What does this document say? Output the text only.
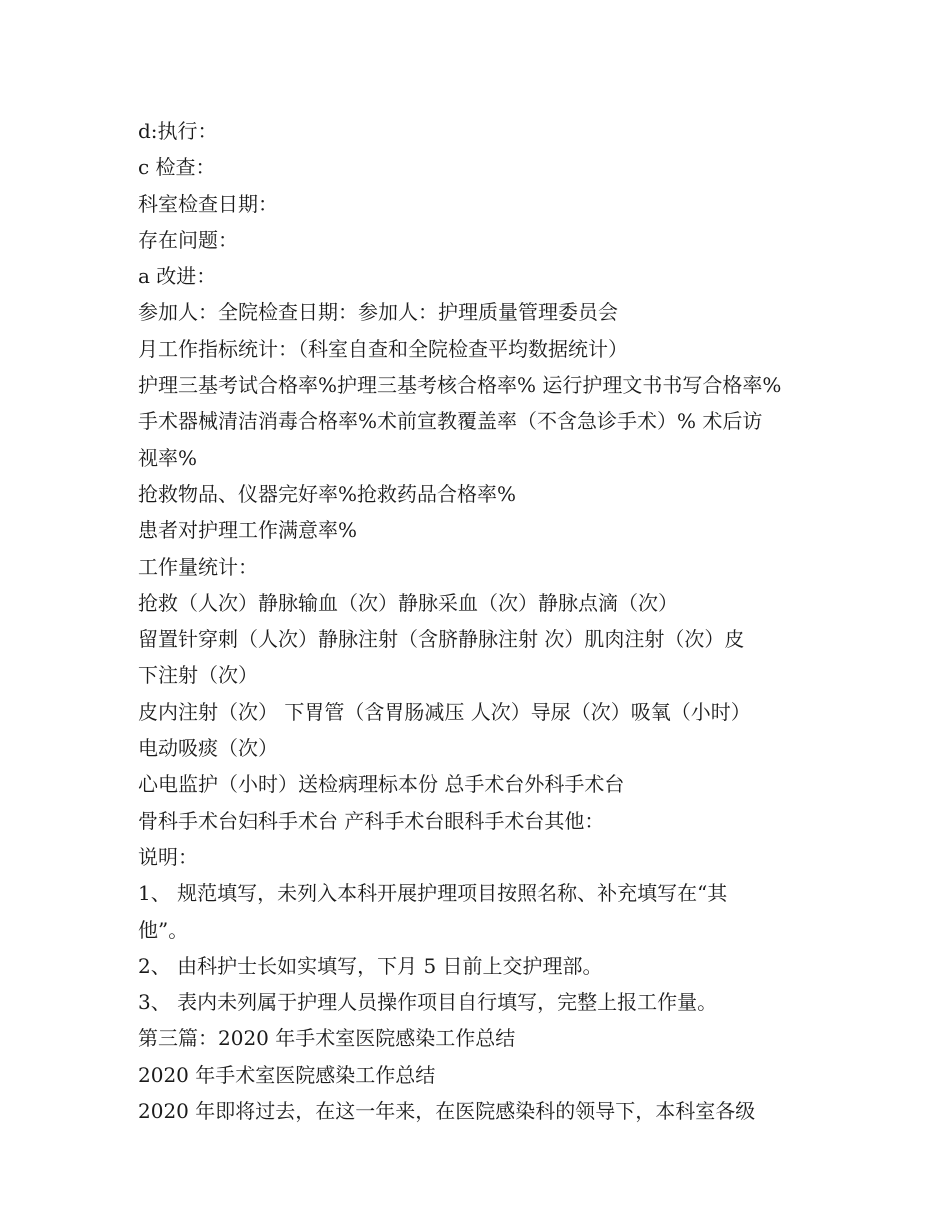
d:执行：
c 检查：
科室检查日期：
存在问题：
a 改进：
参加人：全院检查日期：参加人：护理质量管理委员会
月工作指标统计：（科室自查和全院检查平均数据统计）
护理三基考试合格率%护理三基考核合格率% 运行护理文书书写合格率%
手术器械清洁消毒合格率%术前宣教覆盖率（不含急诊手术）% 术后访
视率%
抢救物品、仪器完好率%抢救药品合格率%
患者对护理工作满意率%
工作量统计：
抢救（人次）静脉输血（次）静脉采血（次）静脉点滴（次）
留置针穿刺（人次）静脉注射（含脐静脉注射 次）肌肉注射（次）皮
下注射（次）
皮内注射（次） 下胃管（含胃肠减压 人次）导尿（次）吸氧（小时）
电动吸痰（次）
心电监护（小时）送检病理标本份 总手术台外科手术台
骨科手术台妇科手术台 产科手术台眼科手术台其他：
说明：
1、 规范填写，未列入本科开展护理项目按照名称、补充填写在“其
他”。
2、 由科护士长如实填写，下月 5 日前上交护理部。
3、 表内未列属于护理人员操作项目自行填写，完整上报工作量。
第三篇：2020 年手术室医院感染工作总结
2020 年手术室医院感染工作总结
2020 年即将过去，在这一年来，在医院感染科的领导下，本科室各级
